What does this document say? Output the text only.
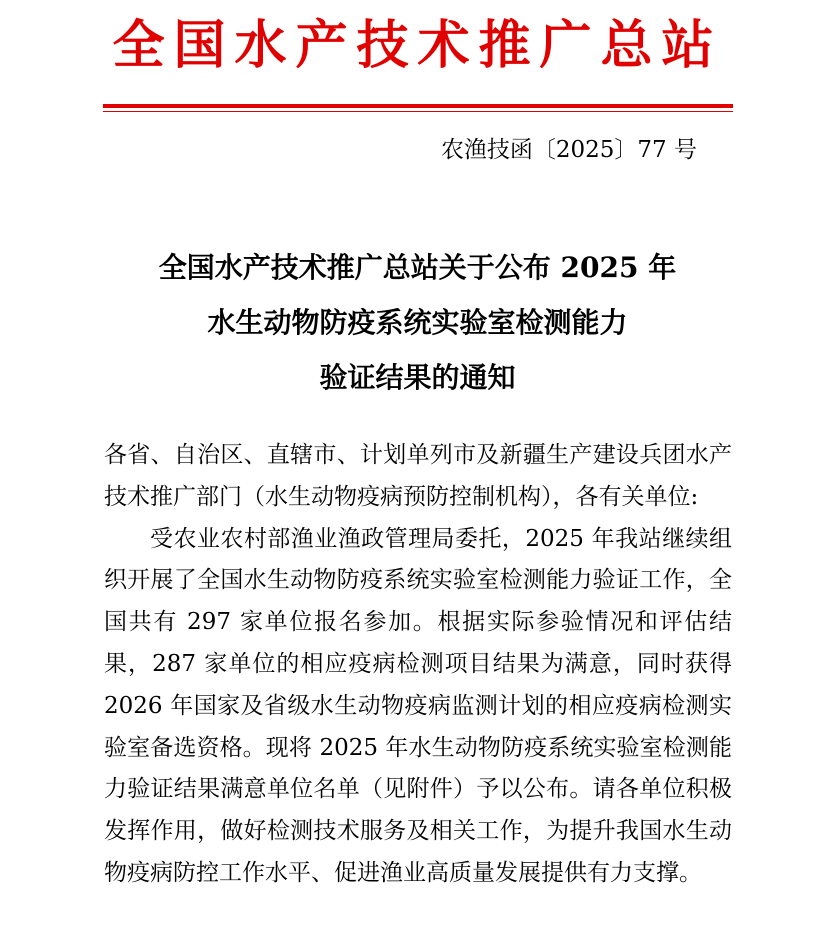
全国水产技术推广总站
农渔技函〔2025〕77 号
全国水产技术推广总站关于公布 2025 年
水生动物防疫系统实验室检测能力
验证结果的通知

各省、自治区、直辖市、计划单列市及新疆生产建设兵团水产技术推广部门（水生动物疫病预防控制机构），各有关单位:

受农业农村部渔业渔政管理局委托，2025 年我站继续组织开展了全国水生动物防疫系统实验室检测能力验证工作，全国共有 297 家单位报名参加。根据实际参验情况和评估结果，287 家单位的相应疫病检测项目结果为满意，同时获得 2026 年国家及省级水生动物疫病监测计划的相应疫病检测实验室备选资格。现将 2025 年水生动物防疫系统实验室检测能力验证结果满意单位名单（见附件）予以公布。请各单位积极发挥作用，做好检测技术服务及相关工作，为提升我国水生动物疫病防控工作水平、促进渔业高质量发展提供有力支撑。
